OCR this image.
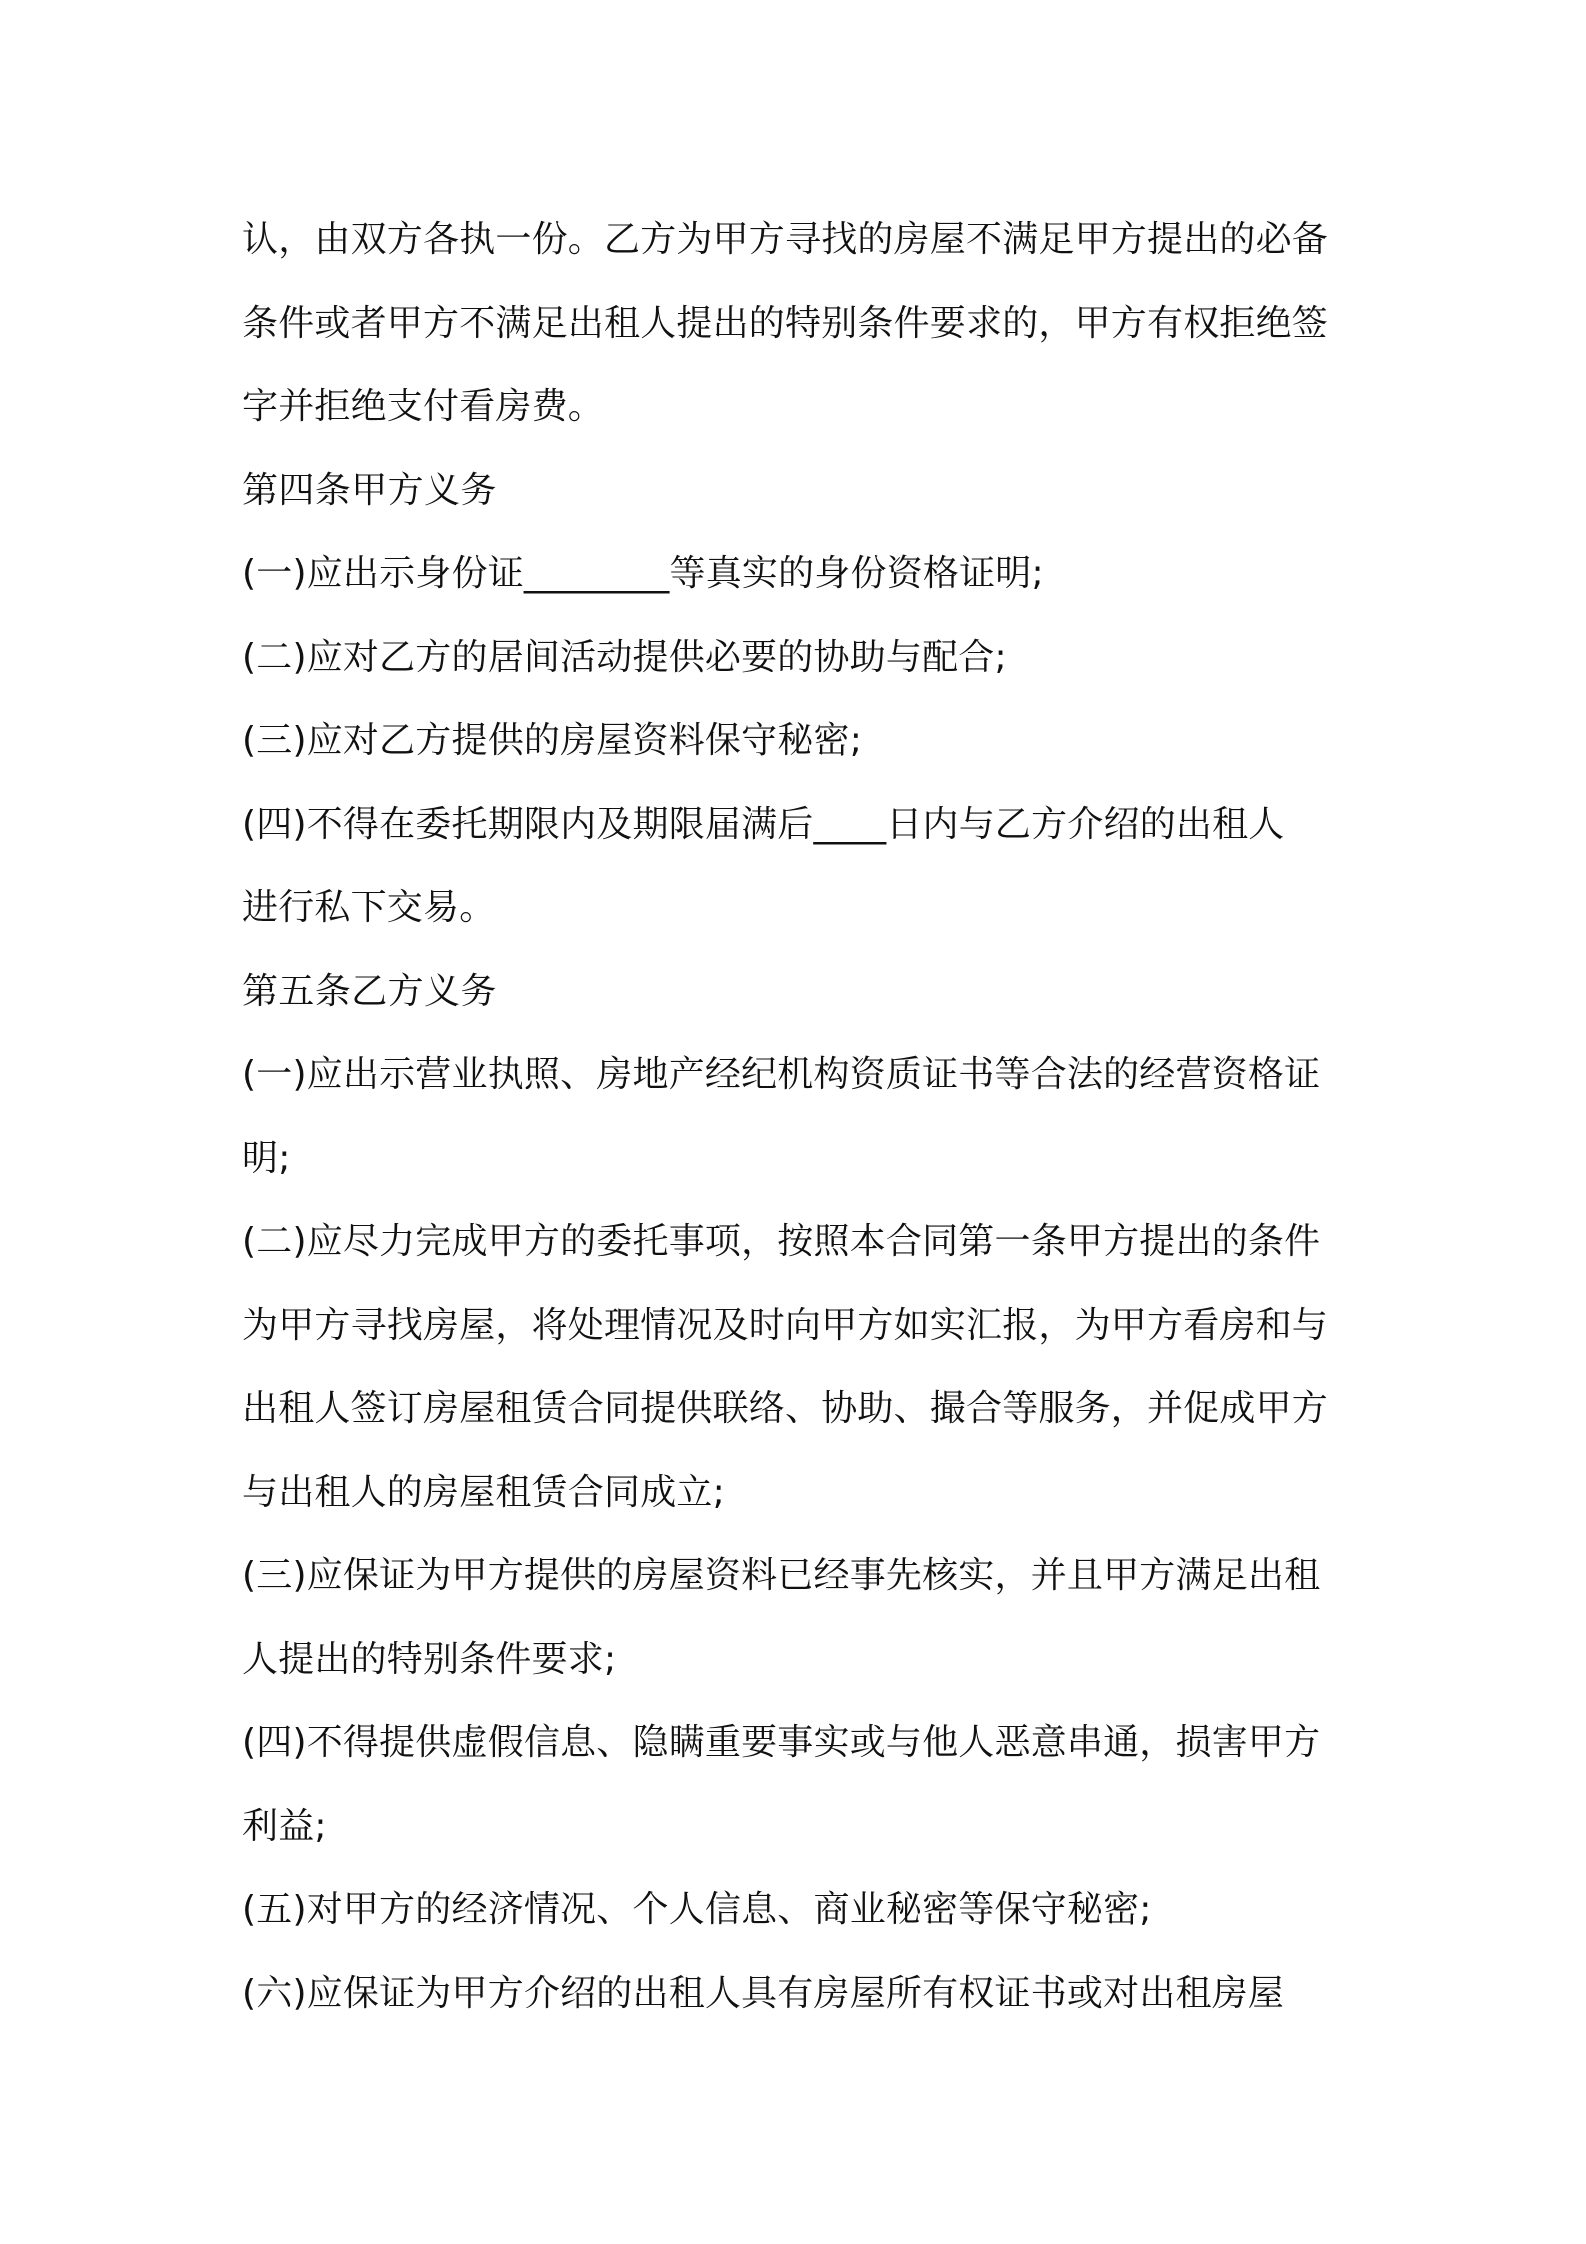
认，由双方各执一份。乙方为甲方寻找的房屋不满足甲方提出的必备
条件或者甲方不满足出租人提出的特别条件要求的，甲方有权拒绝签
字并拒绝支付看房费。
第四条甲方义务
(一)应出示身份证________等真实的身份资格证明;
(二)应对乙方的居间活动提供必要的协助与配合;
(三)应对乙方提供的房屋资料保守秘密;
(四)不得在委托期限内及期限届满后____日内与乙方介绍的出租人
进行私下交易。
第五条乙方义务
(一)应出示营业执照、房地产经纪机构资质证书等合法的经营资格证
明;
(二)应尽力完成甲方的委托事项，按照本合同第一条甲方提出的条件
为甲方寻找房屋，将处理情况及时向甲方如实汇报，为甲方看房和与
出租人签订房屋租赁合同提供联络、协助、撮合等服务，并促成甲方
与出租人的房屋租赁合同成立;
(三)应保证为甲方提供的房屋资料已经事先核实，并且甲方满足出租
人提出的特别条件要求;
(四)不得提供虚假信息、隐瞒重要事实或与他人恶意串通，损害甲方
利益;
(五)对甲方的经济情况、个人信息、商业秘密等保守秘密;
(六)应保证为甲方介绍的出租人具有房屋所有权证书或对出租房屋
